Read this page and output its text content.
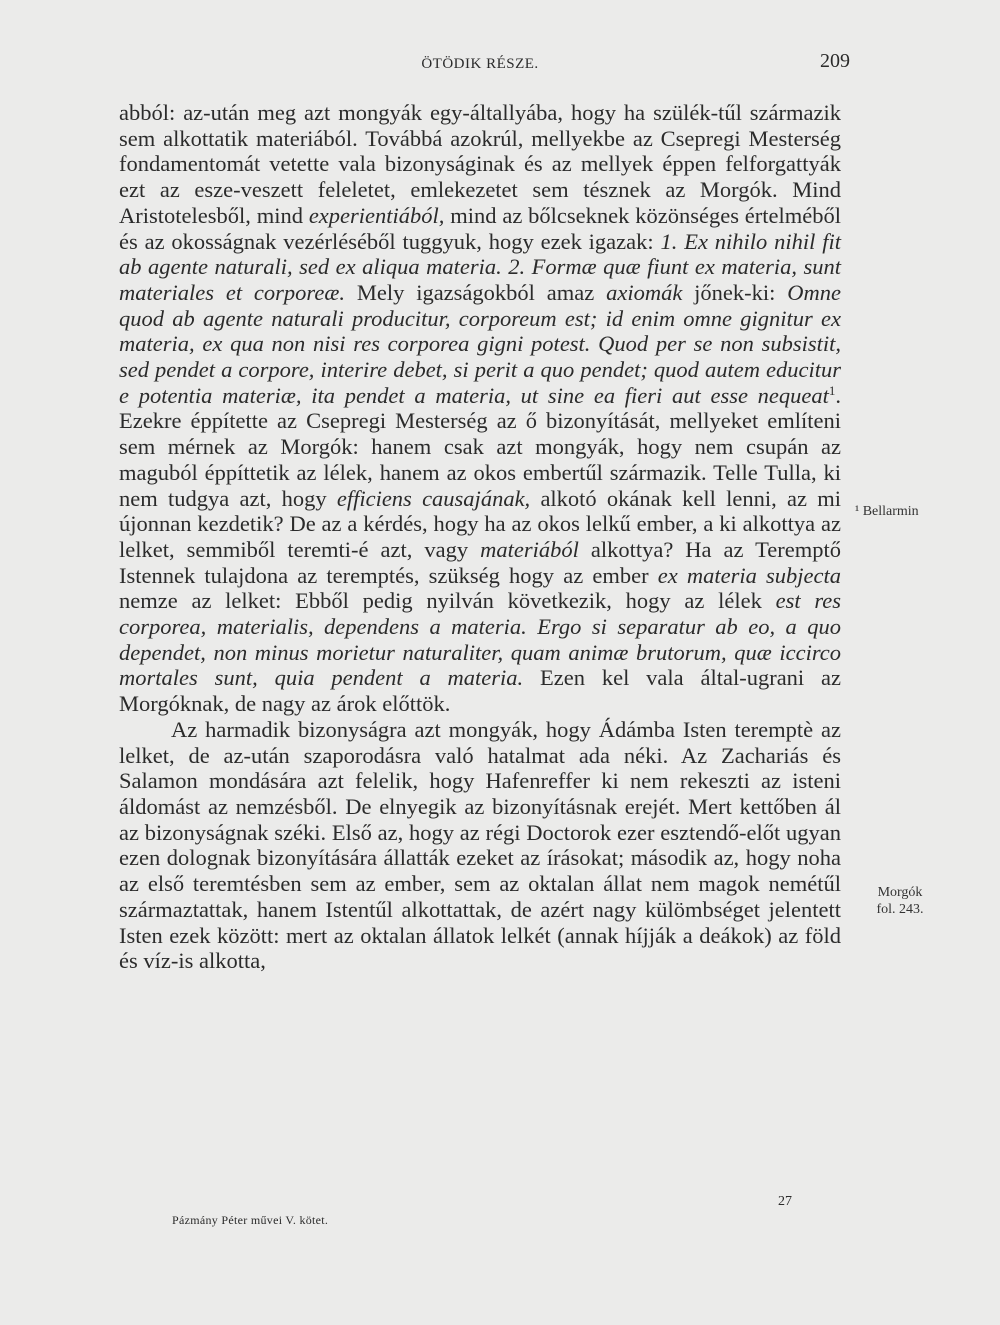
ÖTÖDIK RÉSZE.	209

abból: az-után meg azt mongyák egy-általlyába, hogy ha szülék-tűl származik sem alkottatik materiából. Továbbá azokrúl, mellyekbe az Csepregi Mesterség fondamentomát vetette vala bizonyságinak és az mellyek éppen felforgattyák ezt az esze-veszett feleletet, emlekezetet sem tésznek az Morgók. Mind Aristotelesből, mind experientiából, mind az bőlcseknek közönséges értelméből és az okosságnak vezérléséből tuggyuk, hogy ezek igazak: 1. Ex nihilo nihil fit ab agente naturali, sed ex aliqua materia. 2. Formæ quæ fiunt ex materia, sunt materiales et corporeæ. Mely igazságokból amaz axiomák jőnek-ki: Omne quod ab agente naturali producitur, corporeum est; id enim omne gignitur ex materia, ex qua non nisi res corporea gigni potest. Quod per se non subsistit, sed pendet a corpore, interire debet, si perit a quo pendet; quod autem educitur e potentia materiæ, ita pendet a materia, ut sine ea fieri aut esse nequeat$^1$. Ezekre éppítette az Csepregi Mesterség az ő bizonyítását, mellyeket említeni sem mérnek az Morgók: hanem csak azt mongyák, hogy nem csupán az maguból éppíttetik az lélek, hanem az okos embertűl származik. Telle Tulla, ki nem tudgya azt, hogy efficiens causajának, alkotó okának kell lenni, az mi újonnan kezdetik? De az a kérdés, hogy ha az okos lelkű ember, a ki alkottya az lelket, semmiből teremti-é azt, vagy materiából alkottya? Ha az Teremptő Istennek tulajdona az teremptés, szükség hogy az ember ex materia subjecta nemze az lelket: Ebből pedig nyilván következik, hogy az lélek est res corporea, materialis, dependens a materia. Ergo si separatur ab eo, a quo dependet, non minus morietur naturaliter, quam animæ brutorum, quæ iccirco mortales sunt, quia pendent a materia. Ezen kel vala által-ugrani az Morgóknak, de nagy az árok előttök.

Az harmadik bizonyságra azt mongyák, hogy Ádámba Isten teremptè az lelket, de az-után szaporodásra való hatalmat ada néki. Az Zachariás és Salamon mondására azt felelik, hogy Hafenreffer ki nem rekeszti az isteni áldomást az nemzésből. De elnyegik az bizonyításnak erejét. Mert kettőben ál az bizonyságnak széki. Első az, hogy az régi Doctorok ezer esztendő-előt ugyan ezen dolognak bizonyítására állatták ezeket az írásokat; második az, hogy noha az első teremtésben sem az ember, sem az oktalan állat nem magok nemétűl származtattak, hanem Istentűl alkottattak, de azért nagy külömbséget jelentett Isten ezek között: mert az oktalan állatok lelkét (annak híjják a deákok) az föld és víz-is alkotta,

¹ Bellarmin
Morgók
fol. 243.
Pázmány Péter művei V. kötet.
27
